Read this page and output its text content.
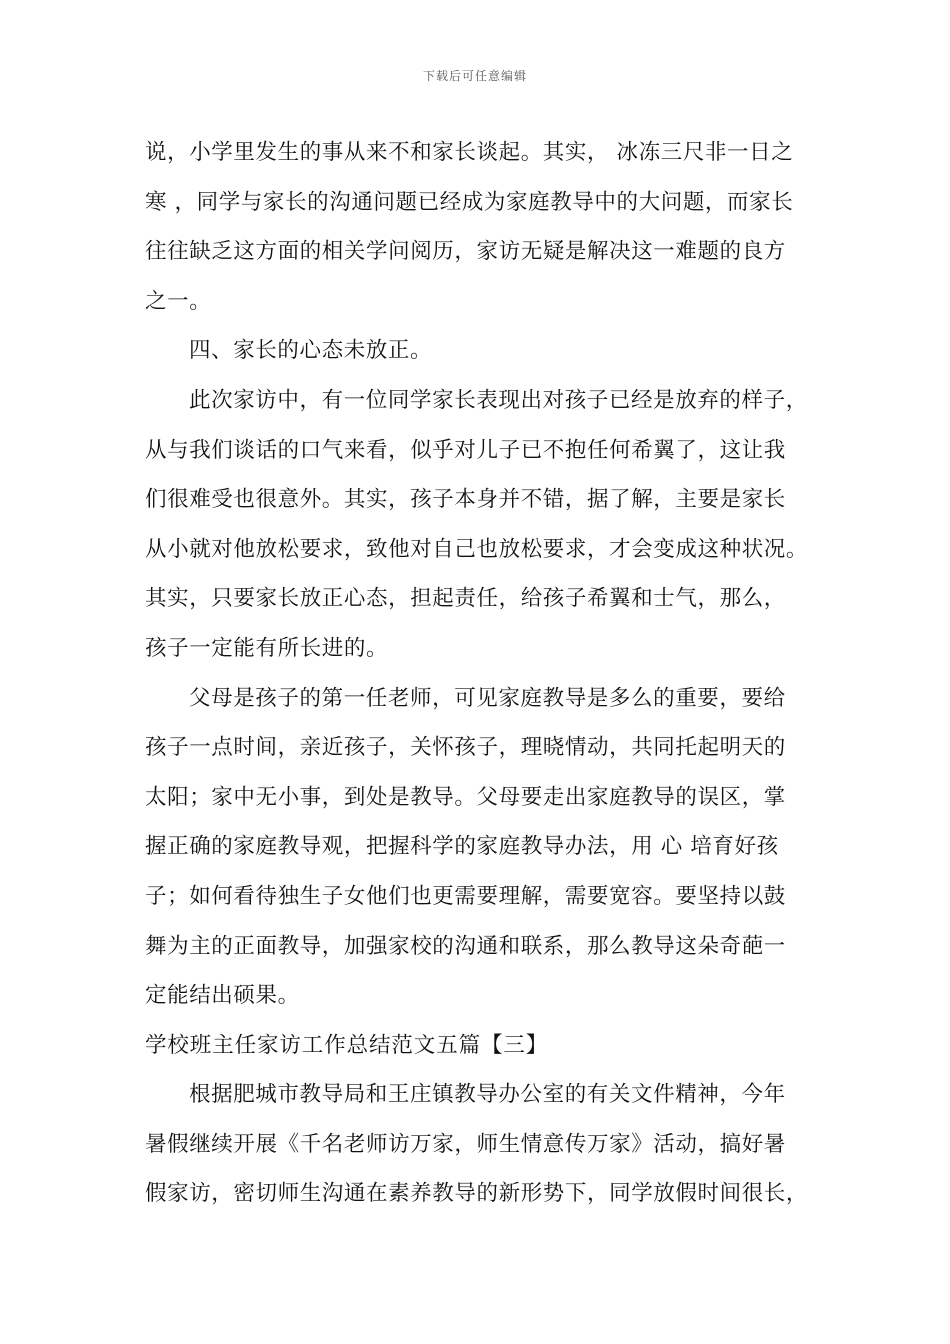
下载后可任意编辑
说，小学里发生的事从来不和家长谈起。其实， 冰冻三尺非一日之
寒 ，同学与家长的沟通问题已经成为家庭教导中的大问题，而家长
往往缺乏这方面的相关学问阅历，家访无疑是解决这一难题的良方
之一。
四、家长的心态未放正。
此次家访中，有一位同学家长表现出对孩子已经是放弃的样子，
从与我们谈话的口气来看，似乎对儿子已不抱任何希翼了，这让我
们很难受也很意外。其实，孩子本身并不错，据了解，主要是家长
从小就对他放松要求，致他对自己也放松要求，才会变成这种状况。
其实，只要家长放正心态，担起责任，给孩子希翼和士气，那么，
孩子一定能有所长进的。
父母是孩子的第一任老师，可见家庭教导是多么的重要，要给
孩子一点时间，亲近孩子，关怀孩子，理晓情动，共同托起明天的
太阳；家中无小事，到处是教导。父母要走出家庭教导的误区，掌
握正确的家庭教导观，把握科学的家庭教导办法，用 心 培育好孩
子；如何看待独生子女他们也更需要理解，需要宽容。要坚持以鼓
舞为主的正面教导，加强家校的沟通和联系，那么教导这朵奇葩一
定能结出硕果。
学校班主任家访工作总结范文五篇【三】
根据肥城市教导局和王庄镇教导办公室的有关文件精神，今年
暑假继续开展《千名老师访万家，师生情意传万家》活动，搞好暑
假家访，密切师生沟通在素养教导的新形势下，同学放假时间很长，
